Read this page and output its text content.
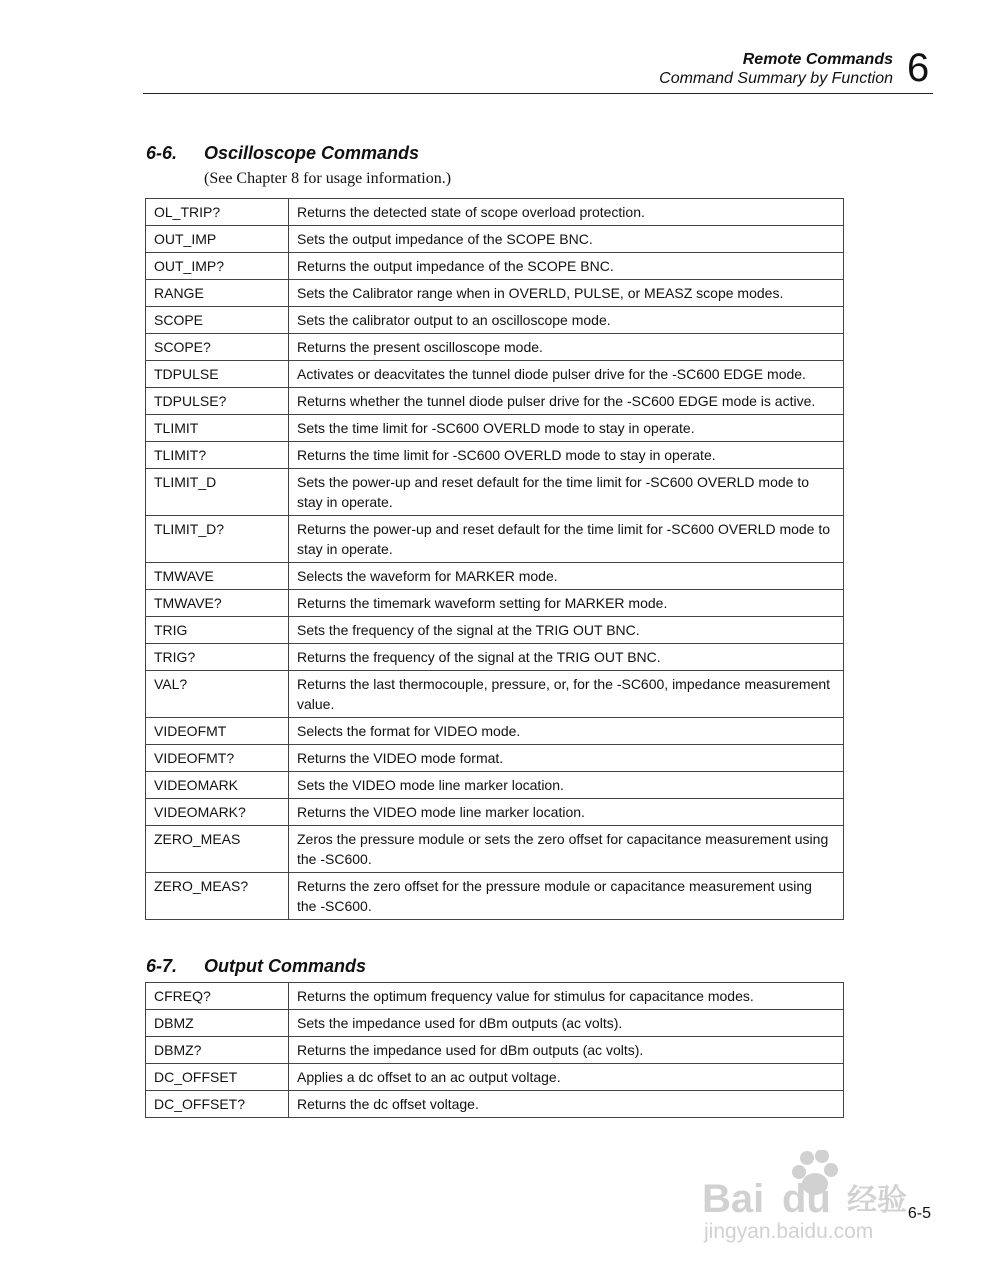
Remote Commands
Command Summary by Function 6
6-6. Oscilloscope Commands
(See Chapter 8 for usage information.)
OL_TRIP?	Returns the detected state of scope overload protection.
OUT_IMP	Sets the output impedance of the SCOPE BNC.
OUT_IMP?	Returns the output impedance of the SCOPE BNC.
RANGE	Sets the Calibrator range when in OVERLD, PULSE, or MEASZ scope modes.
SCOPE	Sets the calibrator output to an oscilloscope mode.
SCOPE?	Returns the present oscilloscope mode.
TDPULSE	Activates or deacvitates the tunnel diode pulser drive for the -SC600 EDGE mode.
TDPULSE?	Returns whether the tunnel diode pulser drive for the -SC600 EDGE mode is active.
TLIMIT	Sets the time limit for -SC600 OVERLD mode to stay in operate.
TLIMIT?	Returns the time limit for -SC600 OVERLD mode to stay in operate.
TLIMIT_D	Sets the power-up and reset default for the time limit for -SC600 OVERLD mode to stay in operate.
TLIMIT_D?	Returns the power-up and reset default for the time limit for -SC600 OVERLD mode to stay in operate.
TMWAVE	Selects the waveform for MARKER mode.
TMWAVE?	Returns the timemark waveform setting for MARKER mode.
TRIG	Sets the frequency of the signal at the TRIG OUT BNC.
TRIG?	Returns the frequency of the signal at the TRIG OUT BNC.
VAL?	Returns the last thermocouple, pressure, or, for the -SC600, impedance measurement value.
VIDEOFMT	Selects the format for VIDEO mode.
VIDEOFMT?	Returns the VIDEO mode format.
VIDEOMARK	Sets the VIDEO mode line marker location.
VIDEOMARK?	Returns the VIDEO mode line marker location.
ZERO_MEAS	Zeros the pressure module or sets the zero offset for capacitance measurement using the -SC600.
ZERO_MEAS?	Returns the zero offset for the pressure module or capacitance measurement using the -SC600.
6-7. Output Commands
CFREQ?	Returns the optimum frequency value for stimulus for capacitance modes.
DBMZ	Sets the impedance used for dBm outputs (ac volts).
DBMZ?	Returns the impedance used for dBm outputs (ac volts).
DC_OFFSET	Applies a dc offset to an ac output voltage.
DC_OFFSET?	Returns the dc offset voltage.
Bai du 经验
jingyan.baidu.com
6-5
